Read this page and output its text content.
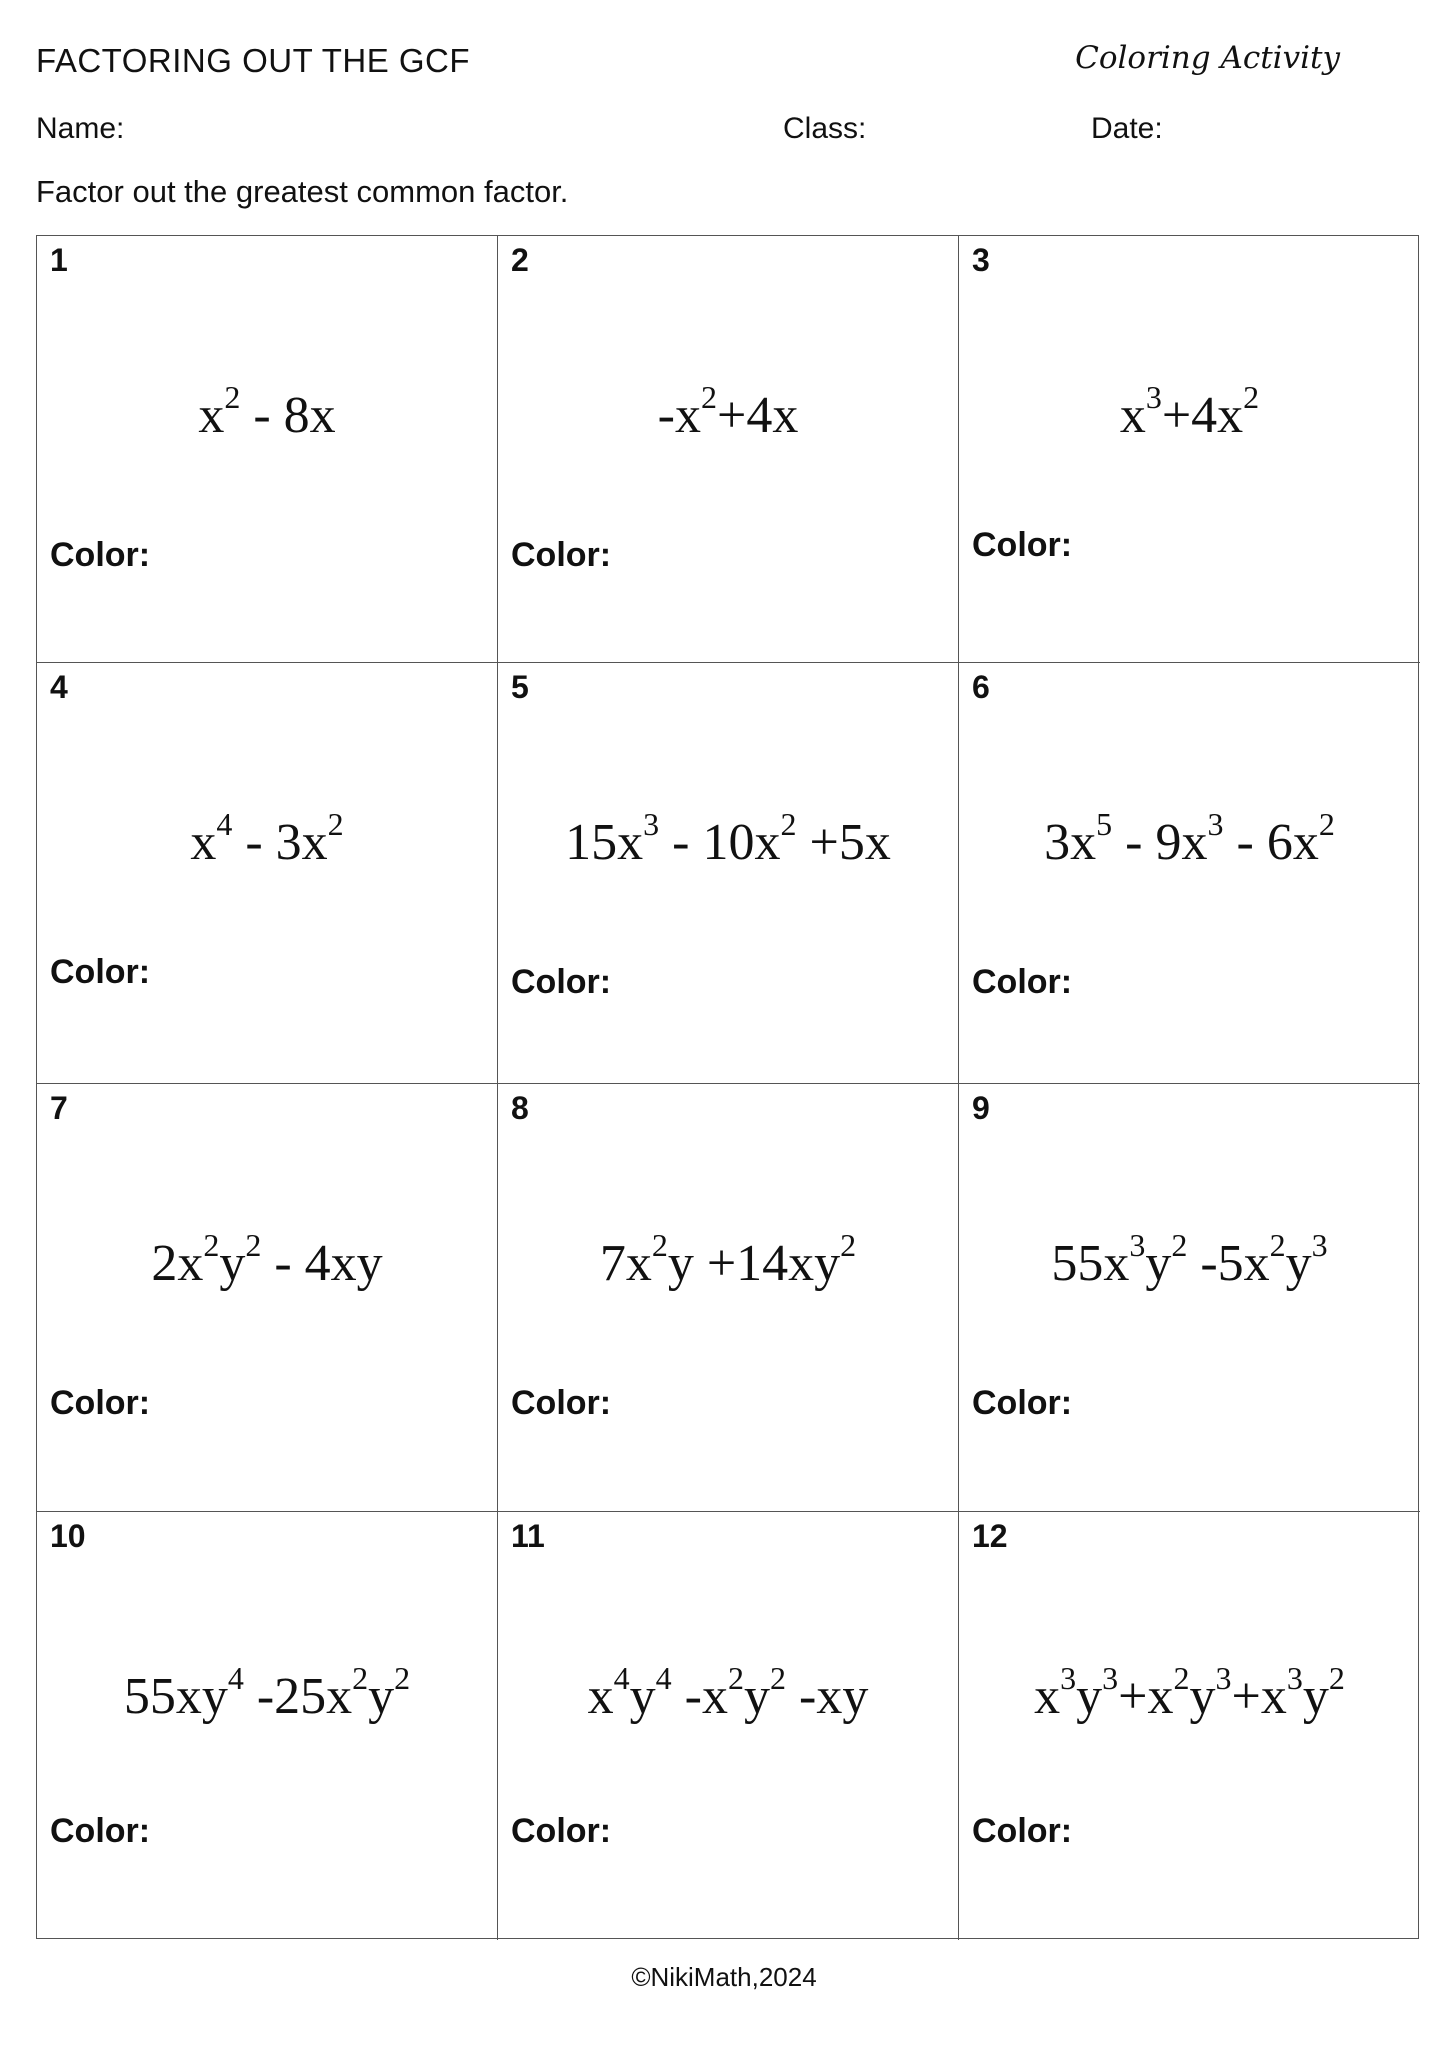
FACTORING OUT THE GCF	Coloring Activity
Name:	Class:	Date:
Factor out the greatest common factor.
1
$x^2 - 8x$
Color:
2
$-x^2+4x$
Color:
3
$x^3+4x^2$
Color:
4
$x^4 - 3x^2$
Color:
5
$15x^3 - 10x^2 +5x$
Color:
6
$3x^5 - 9x^3 - 6x^2$
Color:
7
$2x^2y^2 - 4xy$
Color:
8
$7x^2y +14xy^2$
Color:
9
$55x^3y^2$ $-5x^2y^3$
Color:
10
$55xy^4$ $-25x^2y^2$
Color:
11
$x^4y^4$ $-x^2y^2$ -xy
Color:
12
$x^3y^3+x^2y^3+x^3y^2$
Color:
©NikiMath,2024
